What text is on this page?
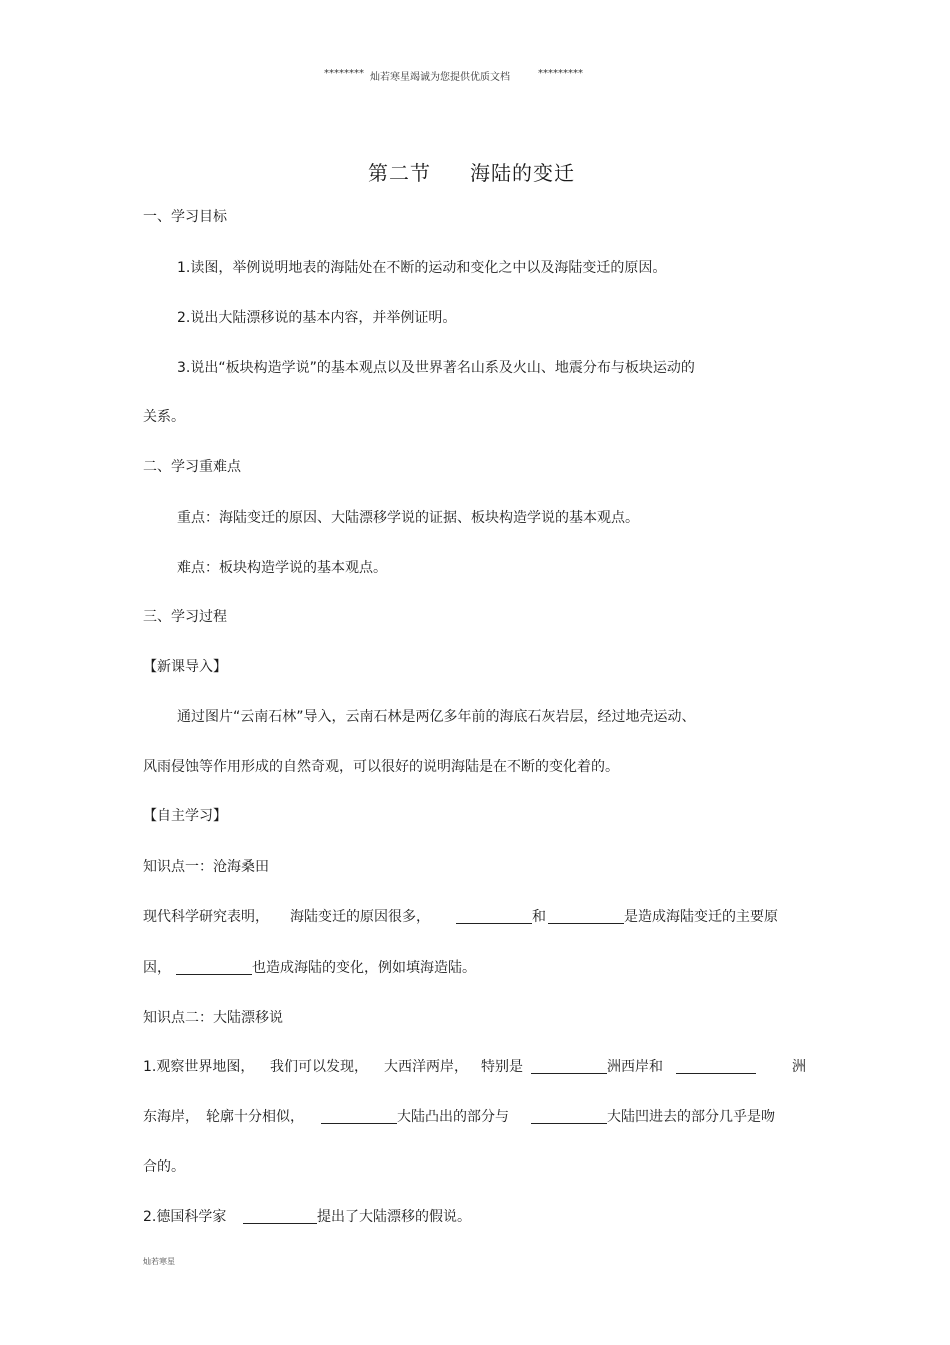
******** 灿若寒星竭诚为您提供优质文档	*********
第二节 海陆的变迁
一、学习目标
1.读图，举例说明地表的海陆处在不断的运动和变化之中以及海陆变迁的原因。
2.说出大陆漂移说的基本内容，并举例证明。
3.说出“板块构造学说”的基本观点以及世界著名山系及火山、地震分布与板块运动的
关系。
二、学习重难点
重点：海陆变迁的原因、大陆漂移学说的证据、板块构造学说的基本观点。
难点：板块构造学说的基本观点。
三、学习过程
【新课导入】
通过图片“云南石林”导入，云南石林是两亿多年前的海底石灰岩层，经过地壳运动、
风雨侵蚀等作用形成的自然奇观，可以很好的说明海陆是在不断的变化着的。
【自主学习】
知识点一：沧海桑田
现代科学研究表明， 海陆变迁的原因很多，	和	是造成海陆变迁的主要原
因，	也造成海陆的变化，例如填海造陆。
知识点二：大陆漂移说
1.观察世界地图， 我们可以发现， 大西洋两岸， 特别是	洲西岸和	洲
东海岸， 轮廓十分相似，	大陆凸出的部分与	大陆凹进去的部分几乎是吻
合的。
2.德国科学家	提出了大陆漂移的假说。
灿若寒星
